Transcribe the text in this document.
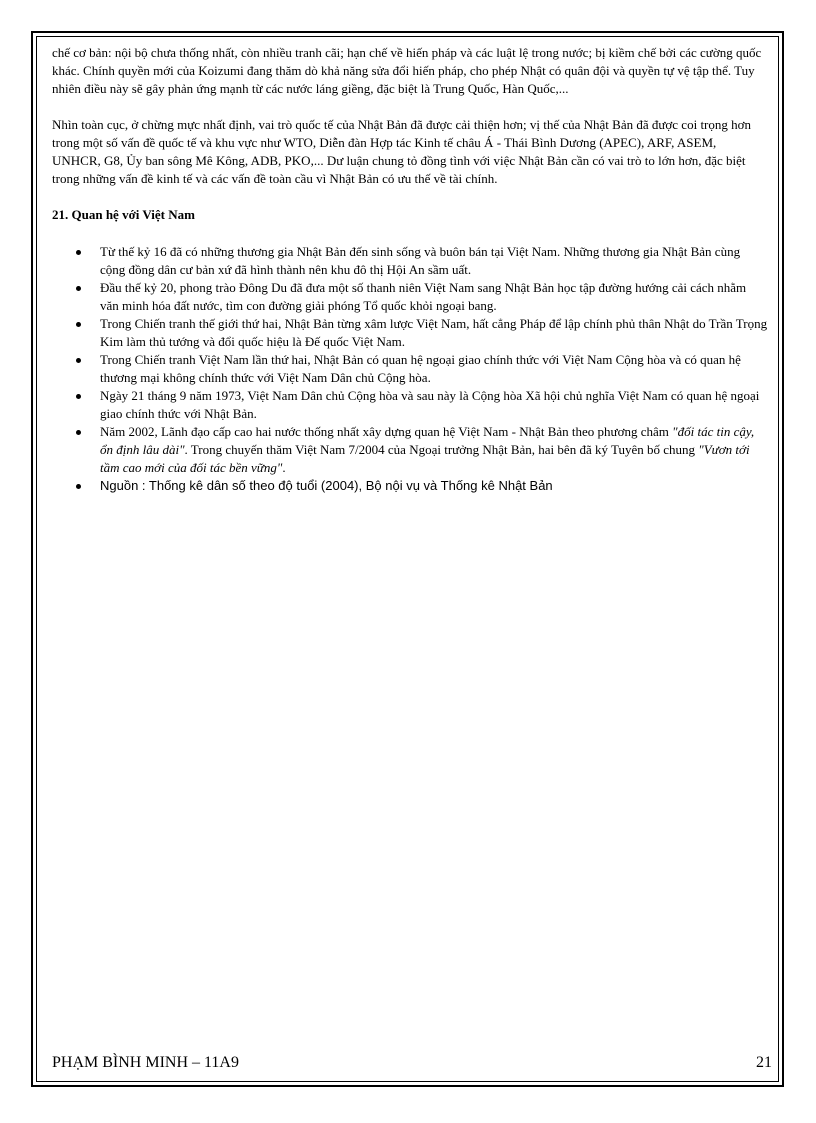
chế cơ bản: nội bộ chưa thống nhất, còn nhiều tranh cãi; hạn chế về hiến pháp và các luật lệ trong nước; bị kiềm chế bởi các cường quốc khác. Chính quyền mới của Koizumi đang thăm dò khả năng sửa đổi hiến pháp, cho phép Nhật có quân đội và quyền tự vệ tập thể. Tuy nhiên điều này sẽ gây phản ứng mạnh từ các nước láng giềng, đặc biệt là Trung Quốc, Hàn Quốc,...

Nhìn toàn cục, ở chừng mực nhất định, vai trò quốc tế của Nhật Bản đã được cải thiện hơn; vị thế của Nhật Bản đã được coi trọng hơn trong một số vấn đề quốc tế và khu vực như WTO, Diễn đàn Hợp tác Kinh tế châu Á - Thái Bình Dương (APEC), ARF, ASEM, UNHCR, G8, Ủy ban sông Mê Kông, ADB, PKO,... Dư luận chung tỏ đồng tình với việc Nhật Bản cần có vai trò to lớn hơn, đặc biệt trong những vấn đề kinh tế và các vấn đề toàn cầu vì Nhật Bản có ưu thế về tài chính.

21. Quan hệ với Việt Nam
Từ thế kỷ 16 đã có những thương gia Nhật Bản đến sinh sống và buôn bán tại Việt Nam. Những thương gia Nhật Bản cùng cộng đồng dân cư bản xứ đã hình thành nên khu đô thị Hội An sầm uất.
Đầu thế kỷ 20, phong trào Đông Du đã đưa một số thanh niên Việt Nam sang Nhật Bản học tập đường hướng cải cách nhằm văn minh hóa đất nước, tìm con đường giải phóng Tổ quốc khỏi ngoại bang.
Trong Chiến tranh thế giới thứ hai, Nhật Bản từng xâm lược Việt Nam, hất cẳng Pháp để lập chính phủ thân Nhật do Trần Trọng Kim làm thủ tướng và đổi quốc hiệu là Đế quốc Việt Nam.
Trong Chiến tranh Việt Nam lần thứ hai, Nhật Bản có quan hệ ngoại giao chính thức với Việt Nam Cộng hòa và có quan hệ thương mại không chính thức với Việt Nam Dân chủ Cộng hòa.
Ngày 21 tháng 9 năm 1973, Việt Nam Dân chủ Cộng hòa và sau này là Cộng hòa Xã hội chủ nghĩa Việt Nam có quan hệ ngoại giao chính thức với Nhật Bản.
Năm 2002, Lãnh đạo cấp cao hai nước thống nhất xây dựng quan hệ Việt Nam - Nhật Bản theo phương châm "đối tác tin cậy, ổn định lâu dài". Trong chuyến thăm Việt Nam 7/2004 của Ngoại trưởng Nhật Bản, hai bên đã ký Tuyên bố chung "Vươn tới tầm cao mới của đối tác bền vững".
Nguồn : Thống kê dân số theo độ tuổi (2004), Bộ nội vụ và Thống kê Nhật Bản
PHẠM BÌNH MINH – 11A9	21
